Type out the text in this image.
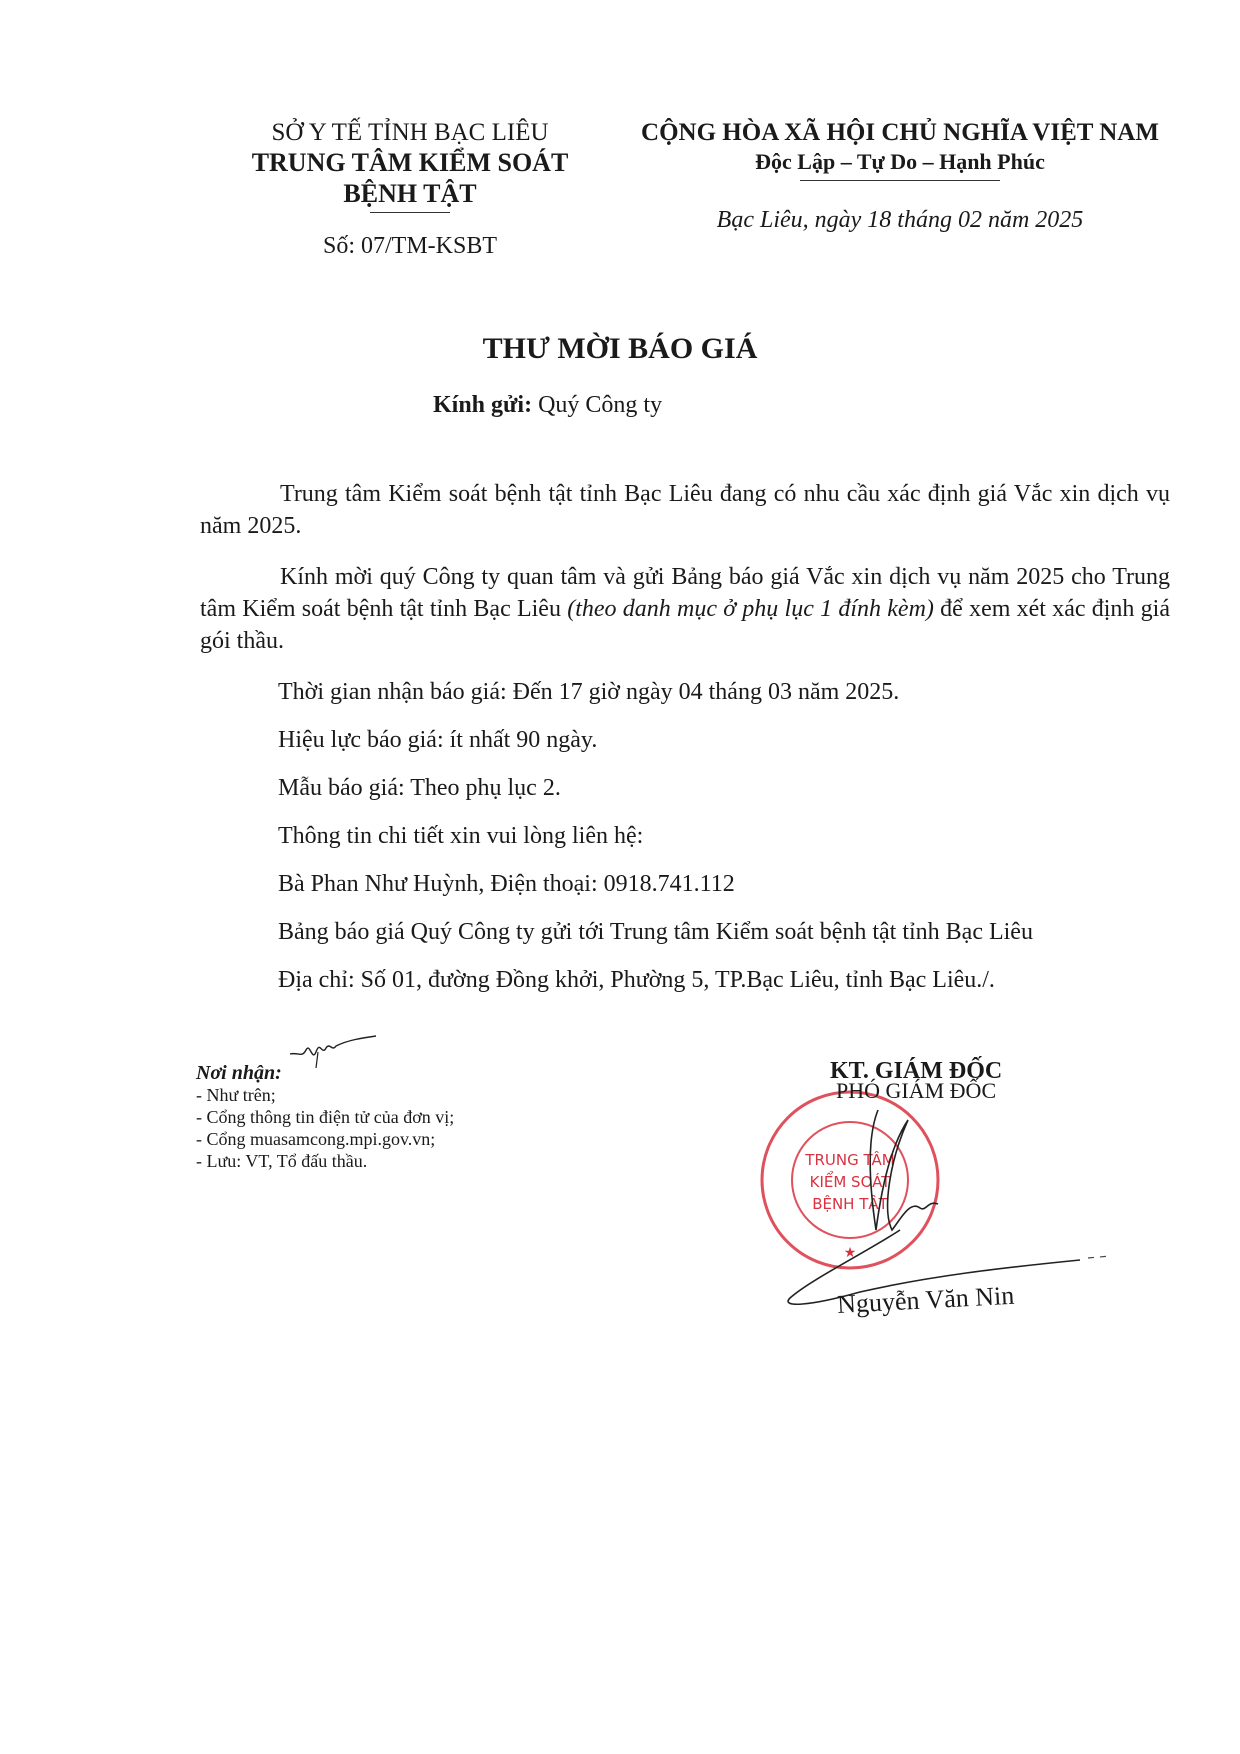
SỞ Y TẾ TỈNH BẠC LIÊU
TRUNG TÂM KIỂM SOÁT
BỆNH TẬT
Số: 07/TM-KSBT
CỘNG HÒA XÃ HỘI CHỦ NGHĨA VIỆT NAM
Độc Lập – Tự Do – Hạnh Phúc
Bạc Liêu, ngày 18 tháng 02 năm 2025
THƯ MỜI BÁO GIÁ
Kính gửi: Quý Công ty
Trung tâm Kiểm soát bệnh tật tỉnh Bạc Liêu đang có nhu cầu xác định giá Vắc xin dịch vụ năm 2025.
Kính mời quý Công ty quan tâm và gửi Bảng báo giá Vắc xin dịch vụ năm 2025 cho Trung tâm Kiểm soát bệnh tật tỉnh Bạc Liêu (theo danh mục ở phụ lục 1 đính kèm) để xem xét xác định giá gói thầu.
Thời gian nhận báo giá: Đến 17 giờ ngày 04 tháng 03 năm 2025.
Hiệu lực báo giá: ít nhất 90 ngày.
Mẫu báo giá: Theo phụ lục 2.
Thông tin chi tiết xin vui lòng liên hệ:
Bà Phan Như Huỳnh, Điện thoại: 0918.741.112
Bảng báo giá Quý Công ty gửi tới Trung tâm Kiểm soát bệnh tật tỉnh Bạc Liêu
Địa chỉ: Số 01, đường Đồng khởi, Phường 5, TP.Bạc Liêu, tỉnh Bạc Liêu./.
Nơi nhận:
- Như trên;
- Cổng thông tin điện tử của đơn vị;
- Cổng muasamcong.mpi.gov.vn;
- Lưu: VT, Tổ đấu thầu.	TRUNG TÂM
KIỂM SOÁT
BỆNH TẬT
★
KT. GIÁM ĐỐC
PHÓ GIÁM ĐỐC
Nguyễn Văn Nin
